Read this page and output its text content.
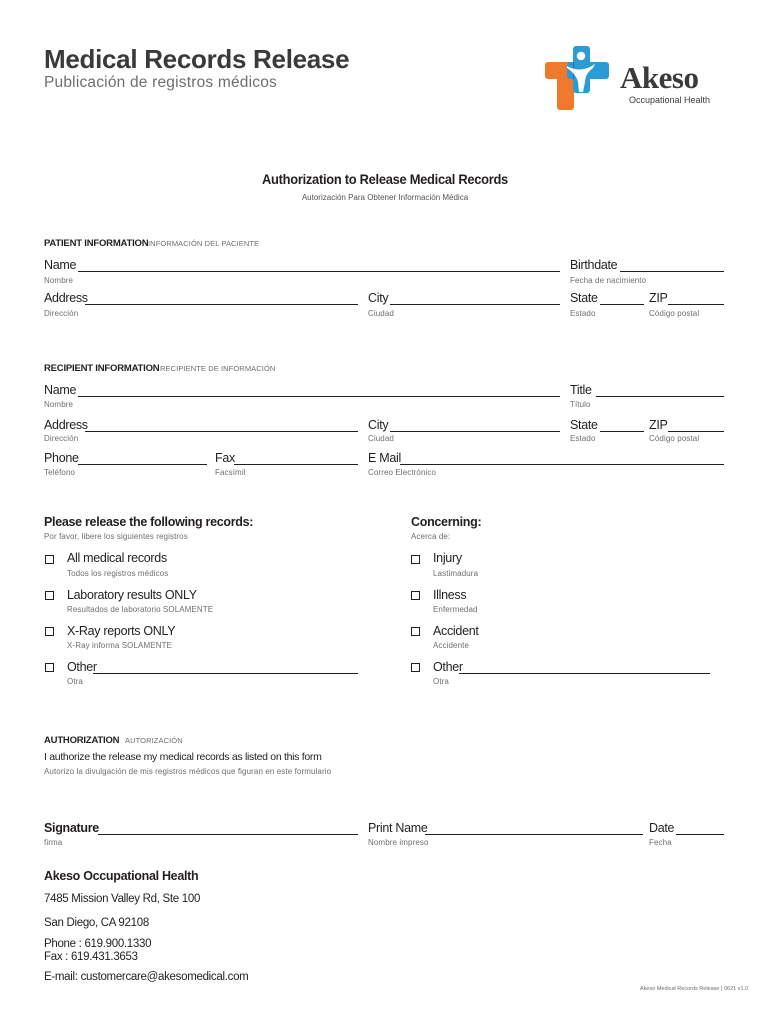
Medical Records Release
Publicación de registros médicos	Akeso
Occupational Health
Authorization to Release Medical Records
Autorización Para Obtener Información Médica
PATIENT INFORMATION INFORMACIÓN DEL PACIENTE
Name
Nombre
Birthdate
Fecha de nacimiento
Address
Dirección
City
Ciudad
State
Estado
ZIP
Código postal
RECIPIENT INFORMATION RECIPIENTE DE INFORMACIÓN
Name
Nombre
Title
Título
Address
Dirección
City
Ciudad
State
Estado
ZIP
Código postal
Phone
Teléfono
Fax
Facsímil
E Mail
Correo Electrónico
Please release the following records:
Por favor, libere los siguientes registros
Concerning:
Acerca de:
All medical records
Todos los registros médicos
Laboratory results ONLY
Resultados de laboratorio SOLAMENTE
X-Ray reports ONLY
X-Ray informa SOLAMENTE
Other
Otra
Injury
Lastimadura
Illness
Enfermedad
Accident
Accidente
Other
Otra
AUTHORIZATION AUTORIZACIÓN
I authorize the release my medical records as listed on this form
Autorizo la divulgación de mis registros médicos que figuran en este formulario
Signature
firma
Print Name
Nombre impreso
Date
Fecha
Akeso Occupational Health
7485 Mission Valley Rd, Ste 100
San Diego, CA 92108
Phone : 619.900.1330
Fax : 619.431.3653
E-mail: customercare@akesomedical.com
Akeso Medical Records Release | 0621 v1.0
